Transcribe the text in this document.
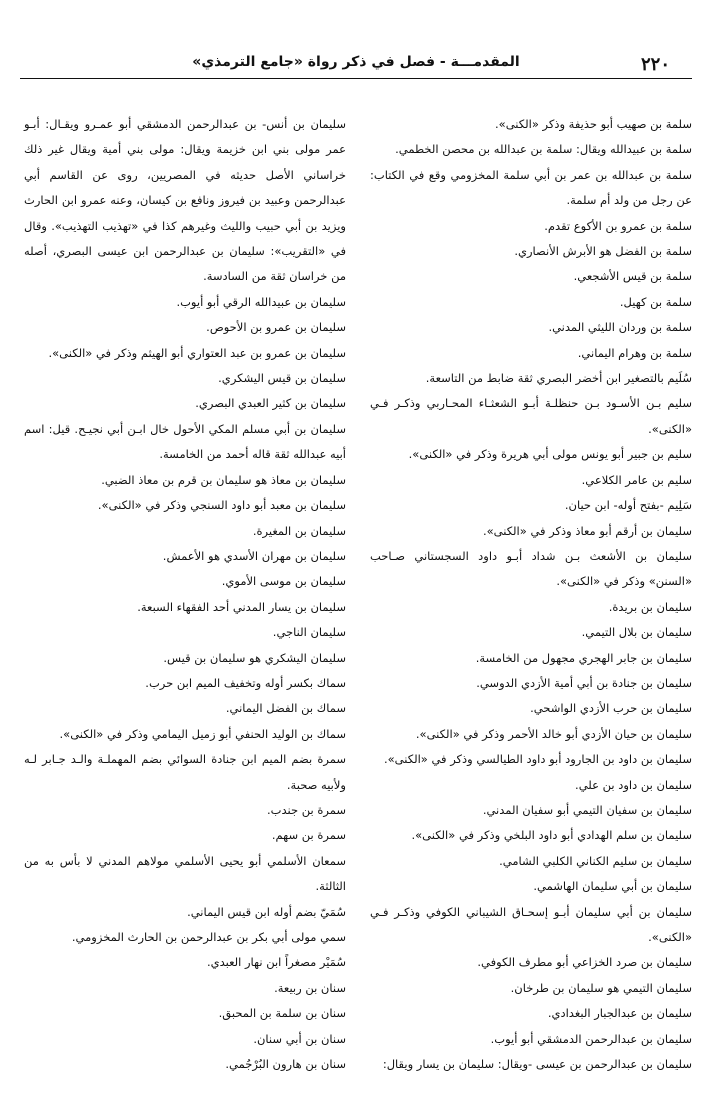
٢٢٠
المقدمـــة - فصل في ذكر رواة «جامع الترمذي»
سلمة بن صهيب أبو حذيفة وذكر «الكنى».
سلمة بن عبيدالله ويقال: سلمة بن عبدالله بن محصن الخطمي.
سلمة بن عبدالله بن عمر بن أبي سلمة المخزومي وقع في الكتاب: عن رجل من ولد أم سلمة.
سلمة بن عمرو بن الأكوع تقدم.
سلمة بن الفضل هو الأبرش الأنصاري.
سلمة بن قيس الأشجعي.
سلمة بن كهيل.
سلمة بن وردان الليثي المدني.
سلمة بن وهرام اليماني.
سُلَيم بالتصغير ابن أخضر البصري ثقة ضابط من التاسعة.
سليم بـن الأسـود بـن حنظلـة أبـو الشعثـاء المحـاربي وذكـر فـي «الكنى».
سليم بن جبير أبو يونس مولى أبي هريرة وذكر في «الكنى».
سليم بن عامر الكلاعي.
سَلِيم -بفتح أوله- ابن حيان.
سليمان بن أرقم أبو معاذ وذكر في «الكنى».
سليمان بن الأشعث بـن شداد أبـو داود السجستاني صـاحب «السنن» وذكر في «الكنى».
سليمان بن بريدة.
سليمان بن بلال التيمي.
سليمان بن جابر الهجري مجهول من الخامسة.
سليمان بن جنادة بن أبي أمية الأزدي الدوسي.
سليمان بن حرب الأزدي الواشحي.
سليمان بن حيان الأزدي أبو خالد الأحمر وذكر في «الكنى».
سليمان بن داود بن الجارود أبو داود الطيالسي وذكر في «الكنى».
سليمان بن داود بن علي.
سليمان بن سفيان التيمي أبو سفيان المدني.
سليمان بن سلم الهدادي أبو داود البلخي وذكر في «الكنى».
سليمان بن سليم الكناني الكلبي الشامي.
سليمان بن أبي سليمان الهاشمي.
سليمان بن أبي سليمان أبـو إسحـاق الشيباني الكوفي وذكـر فـي «الكنى».
سليمان بن صرد الخزاعي أبو مطرف الكوفي.
سليمان التيمي هو سليمان بن طرخان.
سليمان بن عبدالجبار البغدادي.
سليمان بن عبدالرحمن الدمشقي أبو أيوب.
سليمان بن عبدالرحمن بن عيسى -ويقال: سليمان بن يسار ويقال:
سليمان بن أنس- بن عبدالرحمن الدمشقي أبو عمـرو ويقـال: أبـو عمر مولى بني ابن خزيمة ويقال: مولى بني أمية ويقال غير ذلك خراساني الأصل حديثه في المصريين، روى عن القاسم أبي عبدالرحمن وعبيد بن فيروز ونافع بن كيسان، وعنه عمرو ابن الحارث ويزيد بن أبي حبيب والليث وغيرهم كذا في «تهذيب التهذيب». وقال في «التقريب»: سليمان بن عبدالرحمن ابن عيسى البصري، أصله من خراسان ثقة من السادسة.
سليمان بن عبيدالله الرقي أبو أيوب.
سليمان بن عمرو بن الأحوص.
سليمان بن عمرو بن عبد العتواري أبو الهيثم وذكر في «الكنى».
سليمان بن قيس اليشكري.
سليمان بن كثير العبدي البصري.
سليمان بن أبي مسلم المكي الأحول خال ابـن أبي نجيـح. قيل: اسم أبيه عبدالله ثقة قاله أحمد من الخامسة.
سليمان بن معاذ هو سليمان بن قرم بن معاذ الضبي.
سليمان بن معبد أبو داود السنجي وذكر في «الكنى».
سليمان بن المغيرة.
سليمان بن مهران الأسدي هو الأعمش.
سليمان بن موسى الأموي.
سليمان بن يسار المدني أحد الفقهاء السبعة.
سليمان الناجي.
سليمان اليشكري هو سليمان بن قيس.
سماك بكسر أوله وتخفيف الميم ابن حرب.
سماك بن الفضل اليماني.
سماك بن الوليد الحنفي أبو زميل اليمامي وذكر في «الكنى».
سمرة بضم الميم ابن جنادة السوائي بضم المهملـة والـد جـابر لـه ولأبيه صحبة.
سمرة بن جندب.
سمرة بن سهم.
سمعان الأسلمي أبو يحيى الأسلمي مولاهم المدني لا بأس به من الثالثة.
سُمَيّ بضم أوله ابن قيس اليماني.
سمي مولى أبي بكر بن عبدالرحمن بن الحارث المخزومي.
سُمَيْر مصغراً ابن نهار العبدي.
سنان بن ربيعة.
سنان بن سلمة بن المحبق.
سنان بن أبي سنان.
سنان بن هارون البُرْجُمي.
